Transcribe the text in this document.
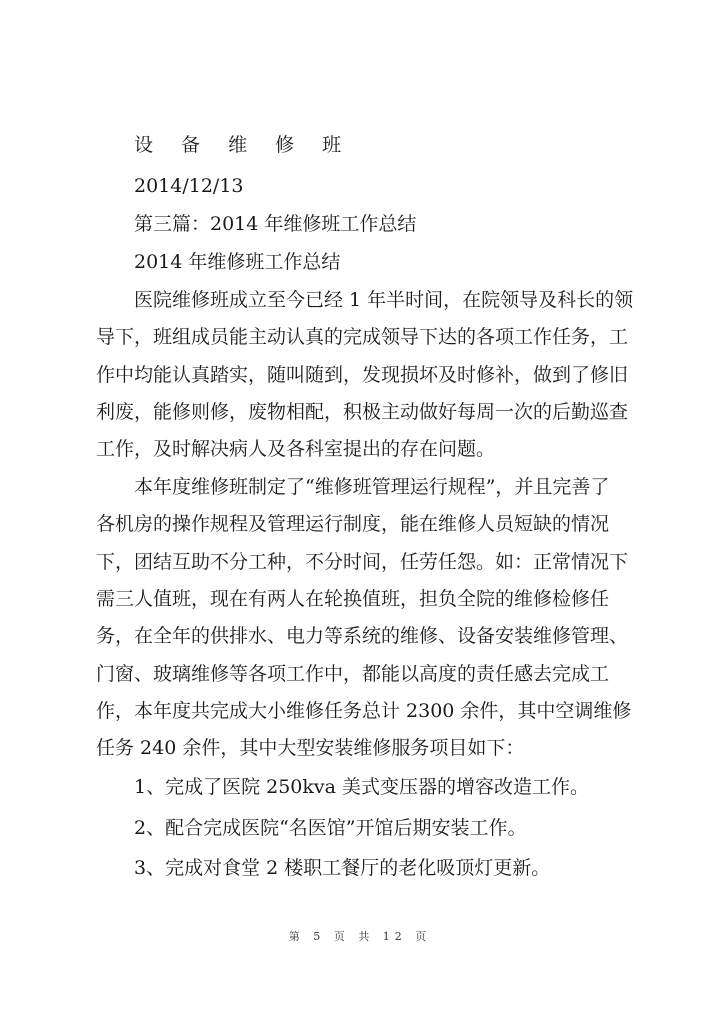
设 备 维 修 班
2014/12/13
第三篇：2014 年维修班工作总结
2014 年维修班工作总结
医院维修班成立至今已经 1 年半时间，在院领导及科长的领
导下，班组成员能主动认真的完成领导下达的各项工作任务，工
作中均能认真踏实，随叫随到，发现损坏及时修补，做到了修旧
利废，能修则修，废物相配，积极主动做好每周一次的后勤巡查
工作，及时解决病人及各科室提出的存在问题。
本年度维修班制定了“维修班管理运行规程”，并且完善了
各机房的操作规程及管理运行制度，能在维修人员短缺的情况
下，团结互助不分工种，不分时间，任劳任怨。如：正常情况下
需三人值班，现在有两人在轮换值班，担负全院的维修检修任
务，在全年的供排水、电力等系统的维修、设备安装维修管理、
门窗、玻璃维修等各项工作中，都能以高度的责任感去完成工
作，本年度共完成大小维修任务总计 2300 余件，其中空调维修
任务 240 余件，其中大型安装维修服务项目如下：
1、完成了医院 250kva 美式变压器的增容改造工作。
2、配合完成医院“名医馆”开馆后期安装工作。
3、完成对食堂 2 楼职工餐厅的老化吸顶灯更新。
第 5 页 共 12 页
